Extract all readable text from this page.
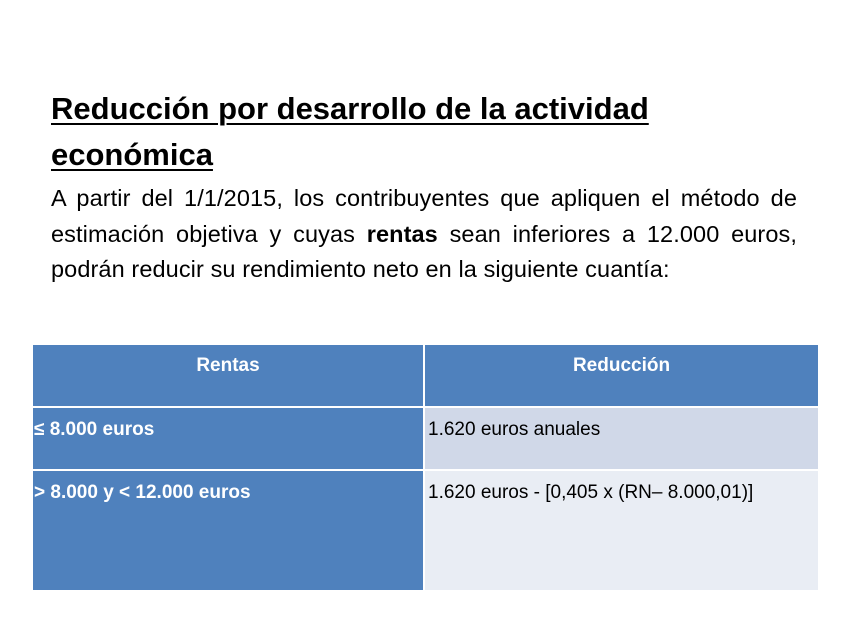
Reducción por desarrollo de la actividad
económica
A partir del 1/1/2015, los contribuyentes que apliquen el método de estimación objetiva y cuyas rentas sean inferiores a 12.000 euros, podrán reducir su rendimiento neto en la siguiente cuantía:
Rentas	Reducción
≤ 8.000 euros	1.620 euros anuales
> 8.000 y < 12.000 euros	1.620 euros - [0,405 x (RN– 8.000,01)]
